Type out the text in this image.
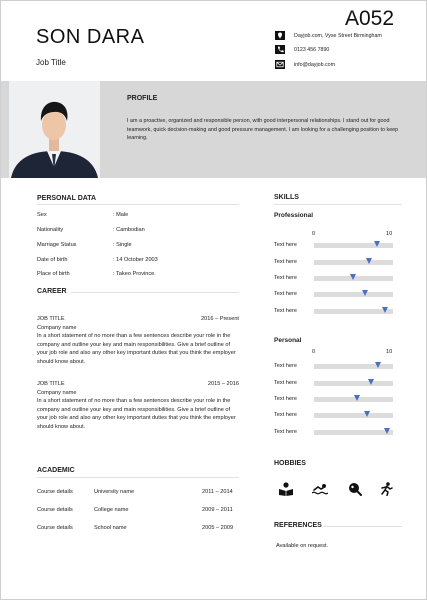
SON DARA
Job Title
A052
Dayjob.com, Vyse Street Birmingham
0123 456 7890
info@dayjob.com
PROFILE
I am a proactive, organized and responsible person, with good interpersonal relationships. I stand out for good teamwork, quick decision-making and good pressure management. I am looking for a challenging position to keep learning.
PERSONAL DATA
Sex	: Male
Nationality	: Cambodian
Marriage Status	: Single
Date of birth	: 14 October 2003
Place of birth	: Takeo Province.
CAREER
JOB TITLE	2016 – Present
Company name
In a short statement of no more than a few sentences describe your role in the company and outline your key and main responsibilities. Give a brief outline of your job role and also any other key important duties that you think the employer should know about.
JOB TITLE	2015 – 2016
Company name
In a short statement of no more than a few sentences describe your role in the company and outline your key and main responsibilities. Give a brief outline of your job role and also any other key important duties that you think the employer should know about.
ACADEMIC
Course details	University name	2011 – 2014
Course details	College name	2009 – 2011
Course details	School name	2005 – 2009
SKILLS
Professional
0	10
Text here
Text here
Text here
Text here
Text here
Personal
0	10
Text here
Text here
Text here
Text here
Text here
HOBBIES
REFERENCES
Available on request.
